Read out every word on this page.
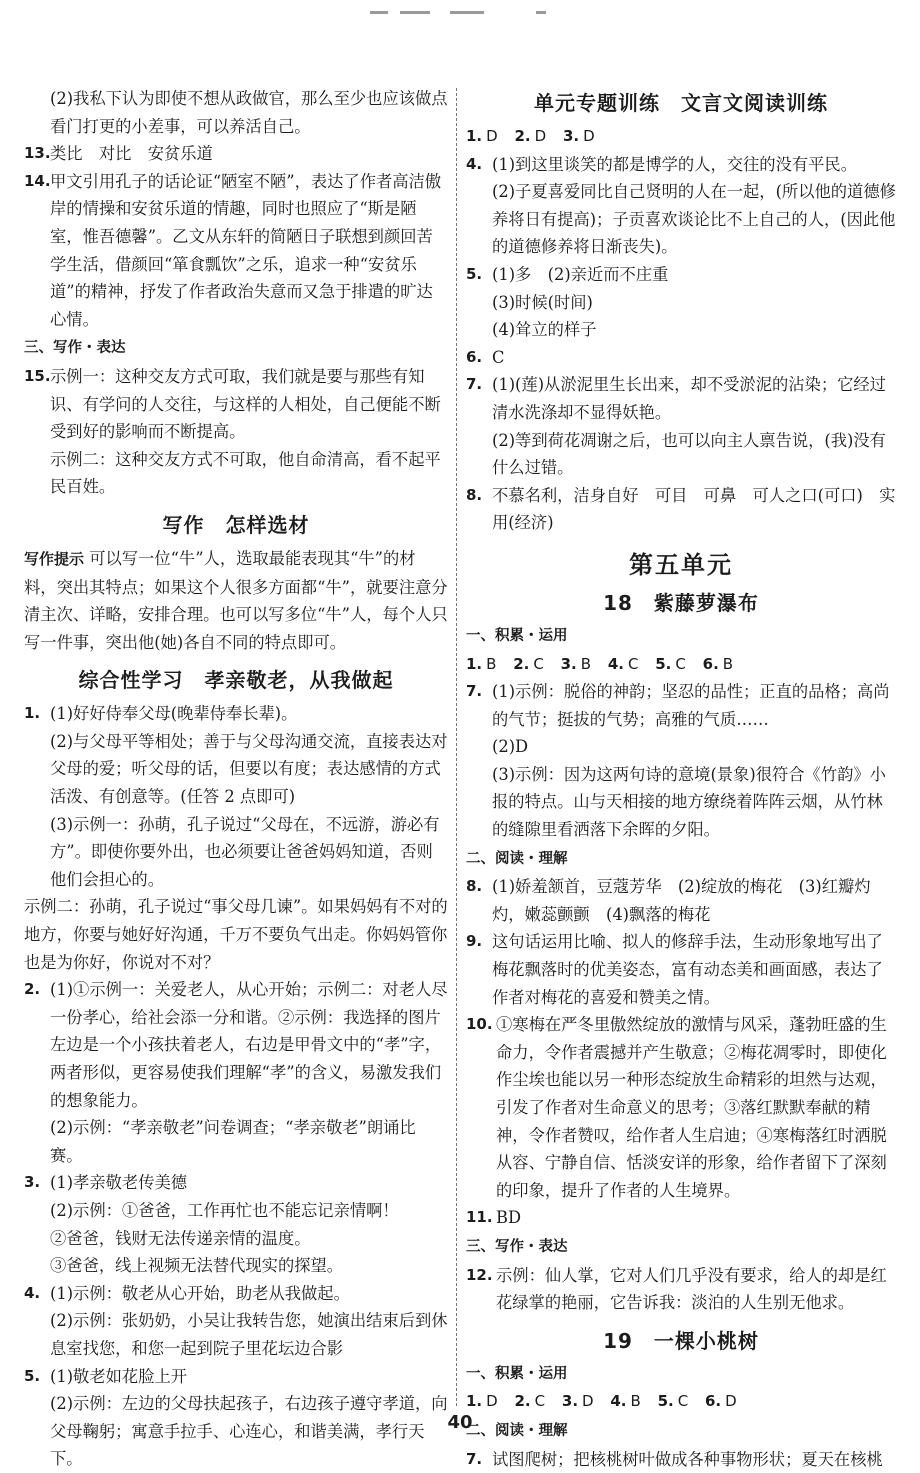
(2)我私下认为即使不想从政做官，那么至少也应该做点看门打更的小差事，可以养活自己。

13. 类比　对比　安贫乐道
14. 甲文引用孔子的话论证“陋室不陋”，表达了作者高洁傲岸的情操和安贫乐道的情趣，同时也照应了“斯是陋室，惟吾德馨”。乙文从东轩的简陋日子联想到颜回苦学生活，借颜回“箪食瓢饮”之乐，追求一种“安贫乐道”的精神，抒发了作者政治失意而又急于排遣的旷达心情。

三、写作・表达

15. 示例一：这种交友方式可取，我们就是要与那些有知识、有学问的人交往，与这样的人相处，自己便能不断受到好的影响而不断提高。

示例二：这种交友方式不可取，他自命清高，看不起平民百姓。

写作　怎样选材

写作提示 可以写一位“牛”人，选取最能表现其“牛”的材料，突出其特点；如果这个人很多方面都“牛”，就要注意分清主次、详略，安排合理。也可以写多位“牛”人，每个人只写一件事，突出他(她)各自不同的特点即可。

综合性学习　孝亲敬老，从我做起

1. (1)好好侍奉父母(晚辈侍奉长辈)。

(2)与父母平等相处；善于与父母沟通交流，直接表达对父母的爱；听父母的话，但要以有度；表达感情的方式活泼、有创意等。(任答 2 点即可)

(3)示例一：孙萌，孔子说过“父母在，不远游，游必有方”。即使你要外出，也必须要让爸爸妈妈知道，否则他们会担心的。

示例二：孙萌，孔子说过“事父母几谏”。如果妈妈有不对的地方，你要与她好好沟通，千万不要负气出走。你妈妈管你也是为你好，你说对不对？

2. (1)①示例一：关爱老人，从心开始；示例二：对老人尽一份孝心，给社会添一分和谐。②示例：我选择的图片左边是一个小孩扶着老人，右边是甲骨文中的“孝”字，两者形似，更容易使我们理解“孝”的含义，易激发我们的想象能力。

(2)示例：“孝亲敬老”问卷调查；“孝亲敬老”朗诵比赛。

3. (1)孝亲敬老传美德

(2)示例：①爸爸，工作再忙也不能忘记亲情啊！

②爸爸，钱财无法传递亲情的温度。

③爸爸，线上视频无法替代现实的探望。

4. (1)示例：敬老从心开始，助老从我做起。

(2)示例：张奶奶，小吴让我转告您，她演出结束后到休息室找您，和您一起到院子里花坛边合影

5. (1)敬老如花脸上开

(2)示例：左边的父母扶起孩子，右边孩子遵守孝道，向父母鞠躬；寓意手拉手、心连心，和谐美满，孝行天下。

单元专题训练　文言文阅读训练

1. D 2. D 3. D

4. (1)到这里谈笑的都是博学的人，交往的没有平民。

(2)子夏喜爱同比自己贤明的人在一起，(所以他的道德修养将日有提高)；子贡喜欢谈论比不上自己的人，(因此他的道德修养将日渐丧失)。

5. (1)多　(2)亲近而不庄重

(3)时候(时间)

(4)耸立的样子

6. C
7. (1)(莲)从淤泥里生长出来，却不受淤泥的沾染；它经过清水洗涤却不显得妖艳。

(2)等到荷花凋谢之后，也可以向主人禀告说，(我)没有什么过错。

8. 不慕名利，洁身自好　可目　可鼻　可人之口(可口)　实用(经济)

第五单元

18　紫藤萝瀑布

一、积累・运用

1. B 2. C 3. B 4. C 5. C 6. B

7. (1)示例：脱俗的神韵；坚忍的品性；正直的品格；高尚的气节；挺拔的气势；高雅的气质……

(2)D

(3)示例：因为这两句诗的意境(景象)很符合《竹韵》小报的特点。山与天相接的地方缭绕着阵阵云烟，从竹林的缝隙里看洒落下余晖的夕阳。

二、阅读・理解

8. (1)娇羞颔首，豆蔻芳华　(2)绽放的梅花　(3)红瓣灼灼，嫩蕊颤颤　(4)飘落的梅花
9. 这句话运用比喻、拟人的修辞手法，生动形象地写出了梅花飘落时的优美姿态，富有动态美和画面感，表达了作者对梅花的喜爱和赞美之情。
10. ①寒梅在严冬里傲然绽放的激情与风采，蓬勃旺盛的生命力，令作者震撼并产生敬意；②梅花凋零时，即使化作尘埃也能以另一种形态绽放生命精彩的坦然与达观，引发了作者对生命意义的思考；③落红默默奉献的精神，令作者赞叹，给作者人生启迪；④寒梅落红时洒脱从容、宁静自信、恬淡安详的形象，给作者留下了深刻的印象，提升了作者的人生境界。
11. BD

三、写作・表达

12. 示例：仙人掌，它对人们几乎没有要求，给人的却是红花绿掌的艳丽，它告诉我：淡泊的人生别无他求。

19　一棵小桃树

一、积累・运用

1. D 2. C 3. D 4. B 5. C 6. D

二、阅读・理解

7. 试图爬树；把核桃树叶做成各种事物形状；夏天在核桃
40
